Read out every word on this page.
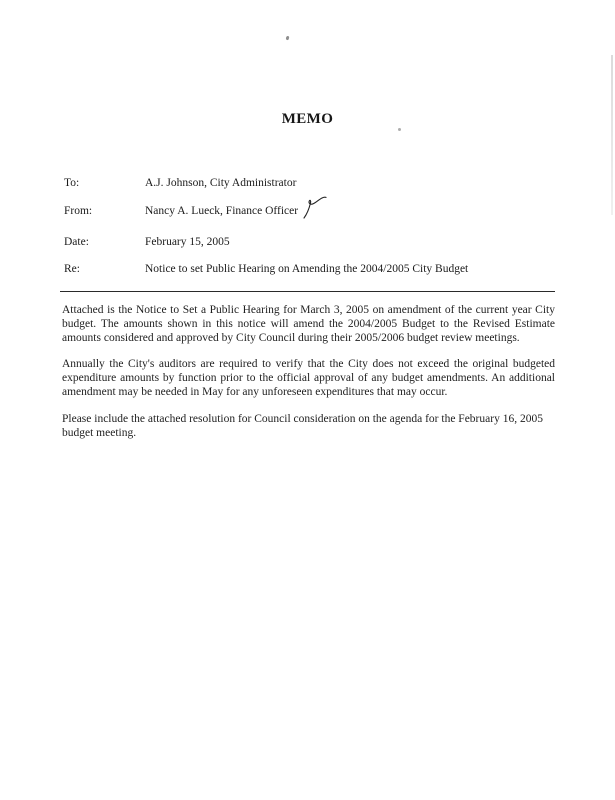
MEMO
To:	A.J. Johnson, City Administrator
From:	Nancy A. Lueck, Finance Officer
Date:	February 15, 2005
Re:	Notice to set Public Hearing on Amending the 2004/2005 City Budget

Attached is the Notice to Set a Public Hearing for March 3, 2005 on amendment of the current year City budget. The amounts shown in this notice will amend the 2004/2005 Budget to the Revised Estimate amounts considered and approved by City Council during their 2005/2006 budget review meetings.

Annually the City's auditors are required to verify that the City does not exceed the original budgeted expenditure amounts by function prior to the official approval of any budget amendments. An additional amendment may be needed in May for any unforeseen expenditures that may occur.

Please include the attached resolution for Council consideration on the agenda for the February 16, 2005 budget meeting.
